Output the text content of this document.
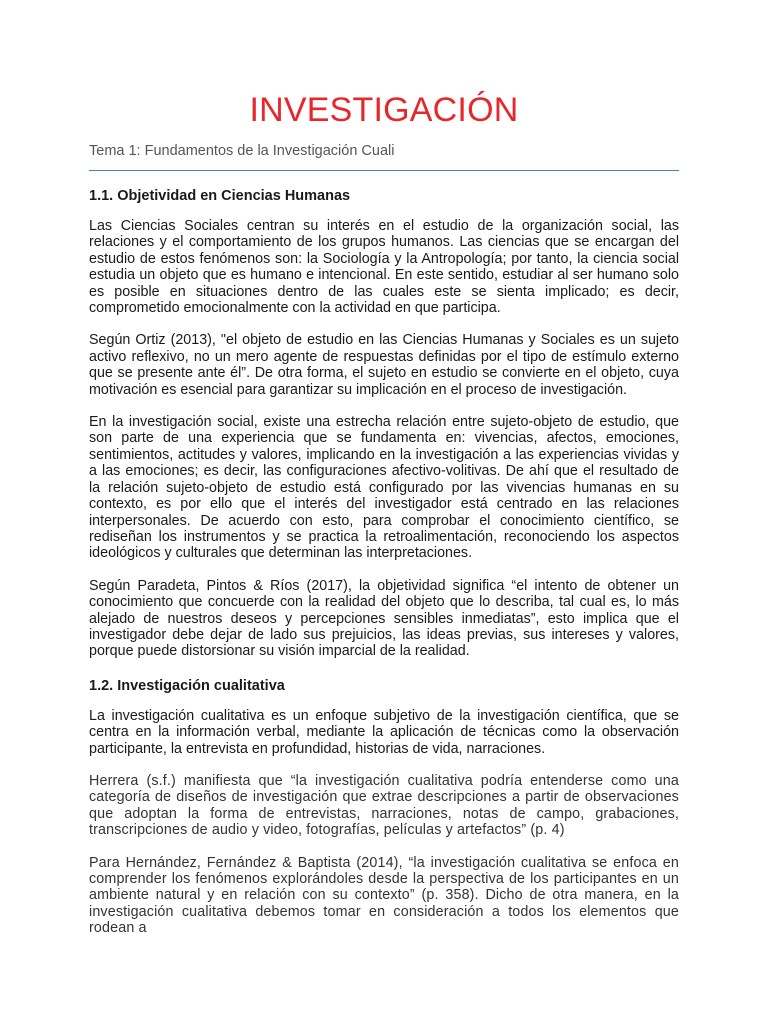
INVESTIGACIÓN

Tema 1: Fundamentos de la Investigación Cuali

1.1. Objetividad en Ciencias Humanas

Las Ciencias Sociales centran su interés en el estudio de la organización social, las relaciones y el comportamiento de los grupos humanos. Las ciencias que se encargan del estudio de estos fenómenos son: la Sociología y la Antropología; por tanto, la ciencia social estudia un objeto que es humano e intencional. En este sentido, estudiar al ser humano solo es posible en situaciones dentro de las cuales este se sienta implicado; es decir, comprometido emocionalmente con la actividad en que participa.

Según Ortiz (2013), "el objeto de estudio en las Ciencias Humanas y Sociales es un sujeto activo reflexivo, no un mero agente de respuestas definidas por el tipo de estímulo externo que se presente ante él”. De otra forma, el sujeto en estudio se convierte en el objeto, cuya motivación es esencial para garantizar su implicación en el proceso de investigación.

En la investigación social, existe una estrecha relación entre sujeto-objeto de estudio, que son parte de una experiencia que se fundamenta en: vivencias, afectos, emociones, sentimientos, actitudes y valores, implicando en la investigación a las experiencias vividas y a las emociones; es decir, las configuraciones afectivo-volitivas. De ahí que el resultado de la relación sujeto-objeto de estudio está configurado por las vivencias humanas en su contexto, es por ello que el interés del investigador está centrado en las relaciones interpersonales. De acuerdo con esto, para comprobar el conocimiento científico, se rediseñan los instrumentos y se practica la retroalimentación, reconociendo los aspectos ideológicos y culturales que determinan las interpretaciones.

Según Paradeta, Pintos & Ríos (2017), la objetividad significa “el intento de obtener un conocimiento que concuerde con la realidad del objeto que lo describa, tal cual es, lo más alejado de nuestros deseos y percepciones sensibles inmediatas”, esto implica que el investigador debe dejar de lado sus prejuicios, las ideas previas, sus intereses y valores, porque puede distorsionar su visión imparcial de la realidad.

1.2. Investigación cualitativa

La investigación cualitativa es un enfoque subjetivo de la investigación científica, que se centra en la información verbal, mediante la aplicación de técnicas como la observación participante, la entrevista en profundidad, historias de vida, narraciones.

Herrera (s.f.) manifiesta que “la investigación cualitativa podría entenderse como una categoría de diseños de investigación que extrae descripciones a partir de observaciones que adoptan la forma de entrevistas, narraciones, notas de campo, grabaciones, transcripciones de audio y video, fotografías, películas y artefactos” (p. 4)

Para Hernández, Fernández & Baptista (2014), “la investigación cualitativa se enfoca en comprender los fenómenos explorándoles desde la perspectiva de los participantes en un ambiente natural y en relación con su contexto” (p. 358). Dicho de otra manera, en la investigación cualitativa debemos tomar en consideración a todos los elementos que rodean a
